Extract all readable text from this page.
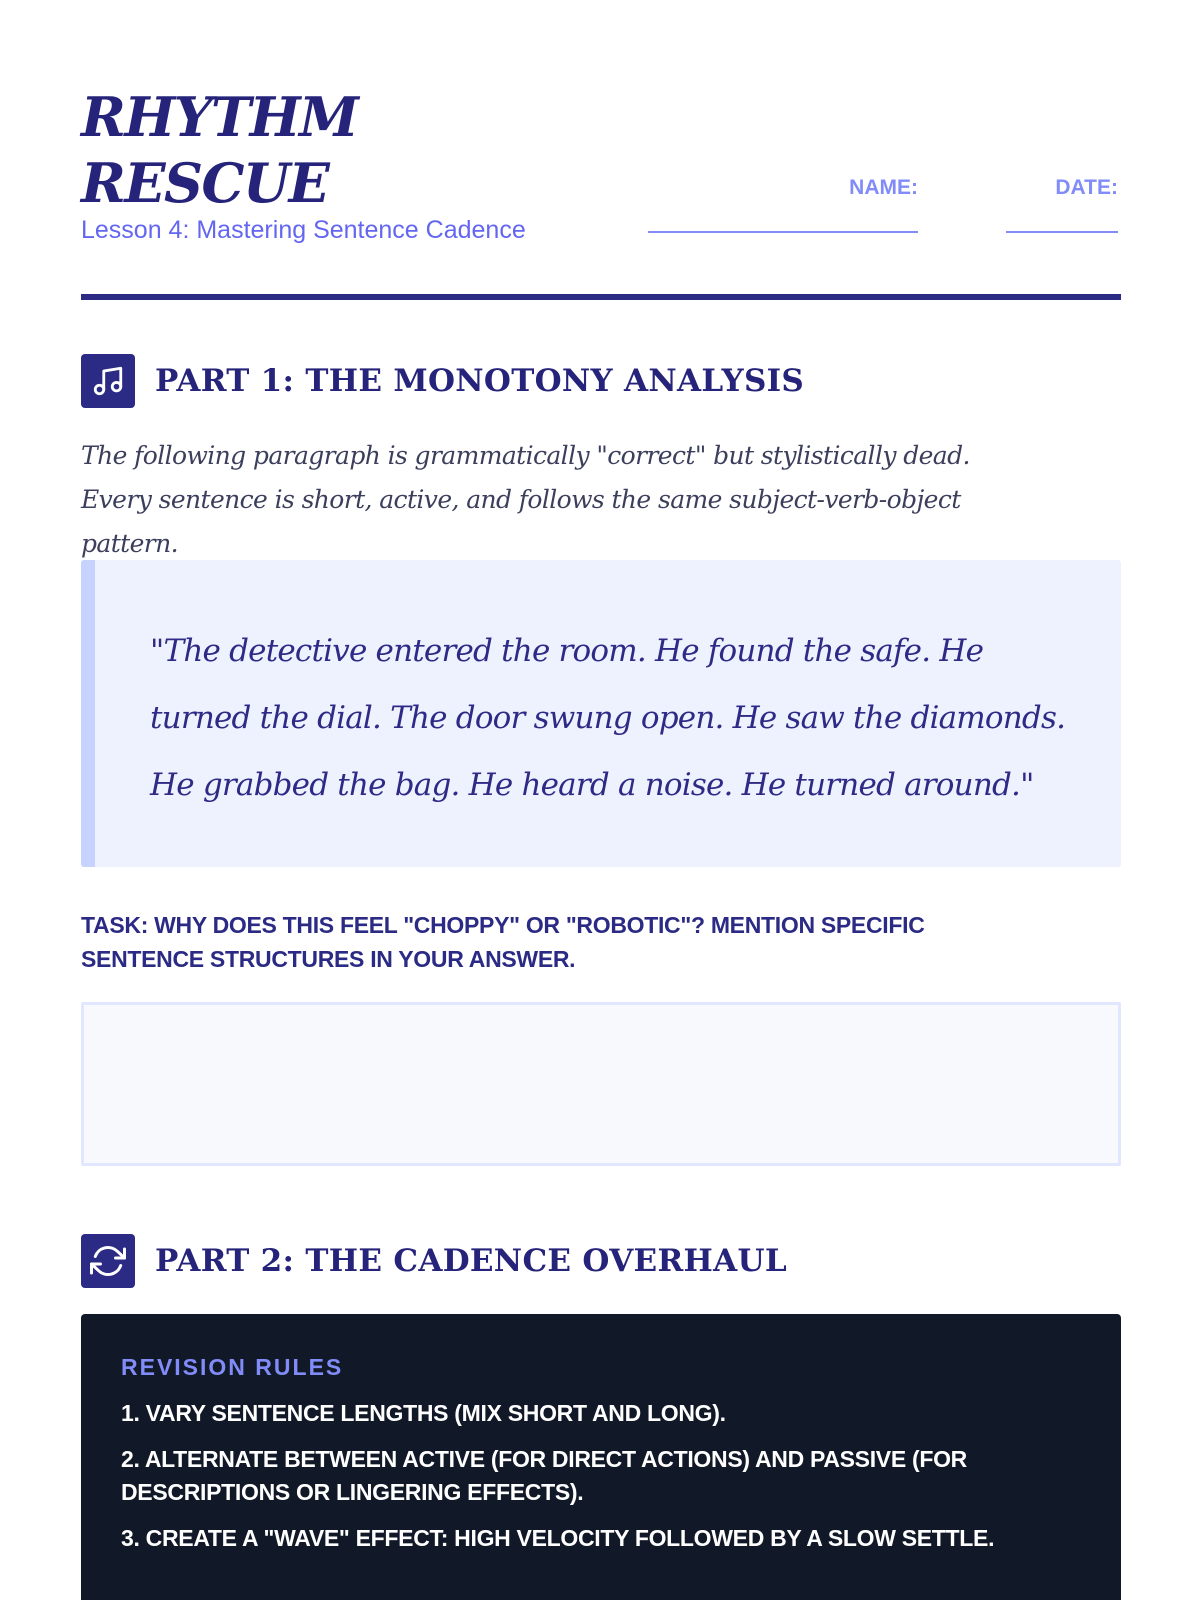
RHYTHM
RESCUE
Lesson 4: Mastering Sentence Cadence
NAME:	DATE:
PART 1: THE MONOTONY ANALYSIS
The following paragraph is grammatically "correct" but stylistically dead. Every sentence is short, active, and follows the same subject-verb-object pattern.
"The detective entered the room. He found the safe. He turned the dial. The door swung open. He saw the diamonds. He grabbed the bag. He heard a noise. He turned around."
TASK: WHY DOES THIS FEEL "CHOPPY" OR "ROBOTIC"? MENTION SPECIFIC SENTENCE STRUCTURES IN YOUR ANSWER.
PART 2: THE CADENCE OVERHAUL
REVISION RULES
1. VARY SENTENCE LENGTHS (MIX SHORT AND LONG).
2. ALTERNATE BETWEEN ACTIVE (FOR DIRECT ACTIONS) AND PASSIVE (FOR DESCRIPTIONS OR LINGERING EFFECTS).
3. CREATE A "WAVE" EFFECT: HIGH VELOCITY FOLLOWED BY A SLOW SETTLE.
